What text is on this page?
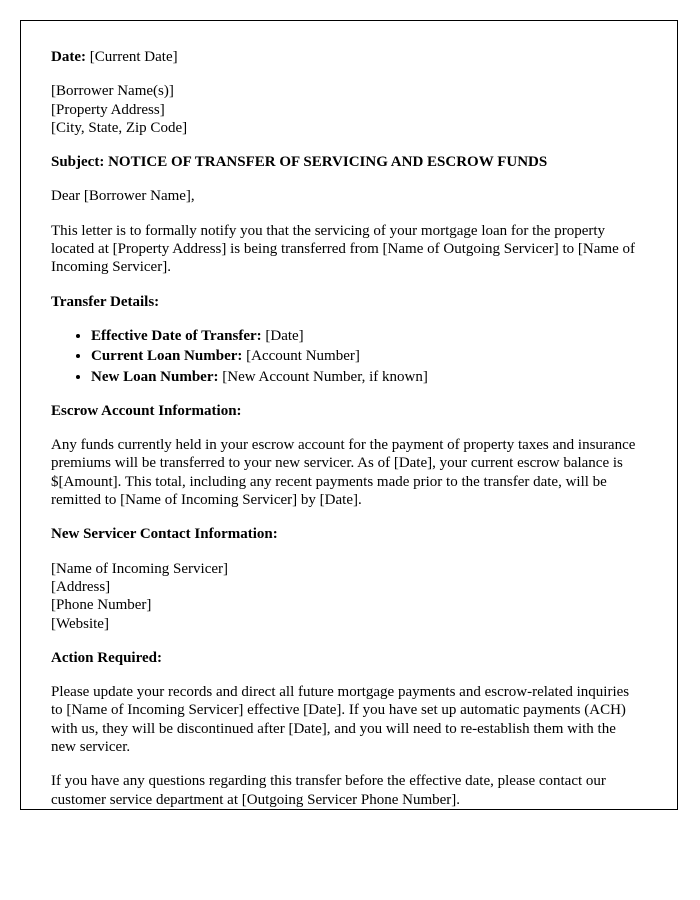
Date: [Current Date]

[Borrower Name(s)]
[Property Address]
[City, State, Zip Code]

Subject: NOTICE OF TRANSFER OF SERVICING AND ESCROW FUNDS

Dear [Borrower Name],

This letter is to formally notify you that the servicing of your mortgage loan for the property located at [Property Address] is being transferred from [Name of Outgoing Servicer] to [Name of Incoming Servicer].

Transfer Details:

• Effective Date of Transfer: [Date]
• Current Loan Number: [Account Number]
• New Loan Number: [New Account Number, if known]

Escrow Account Information:

Any funds currently held in your escrow account for the payment of property taxes and insurance premiums will be transferred to your new servicer. As of [Date], your current escrow balance is $[Amount]. This total, including any recent payments made prior to the transfer date, will be remitted to [Name of Incoming Servicer] by [Date].

New Servicer Contact Information:

[Name of Incoming Servicer]
[Address]
[Phone Number]
[Website]

Action Required:

Please update your records and direct all future mortgage payments and escrow-related inquiries to [Name of Incoming Servicer] effective [Date]. If you have set up automatic payments (ACH) with us, they will be discontinued after [Date], and you will need to re-establish them with the new servicer.

If you have any questions regarding this transfer before the effective date, please contact our customer service department at [Outgoing Servicer Phone Number].
